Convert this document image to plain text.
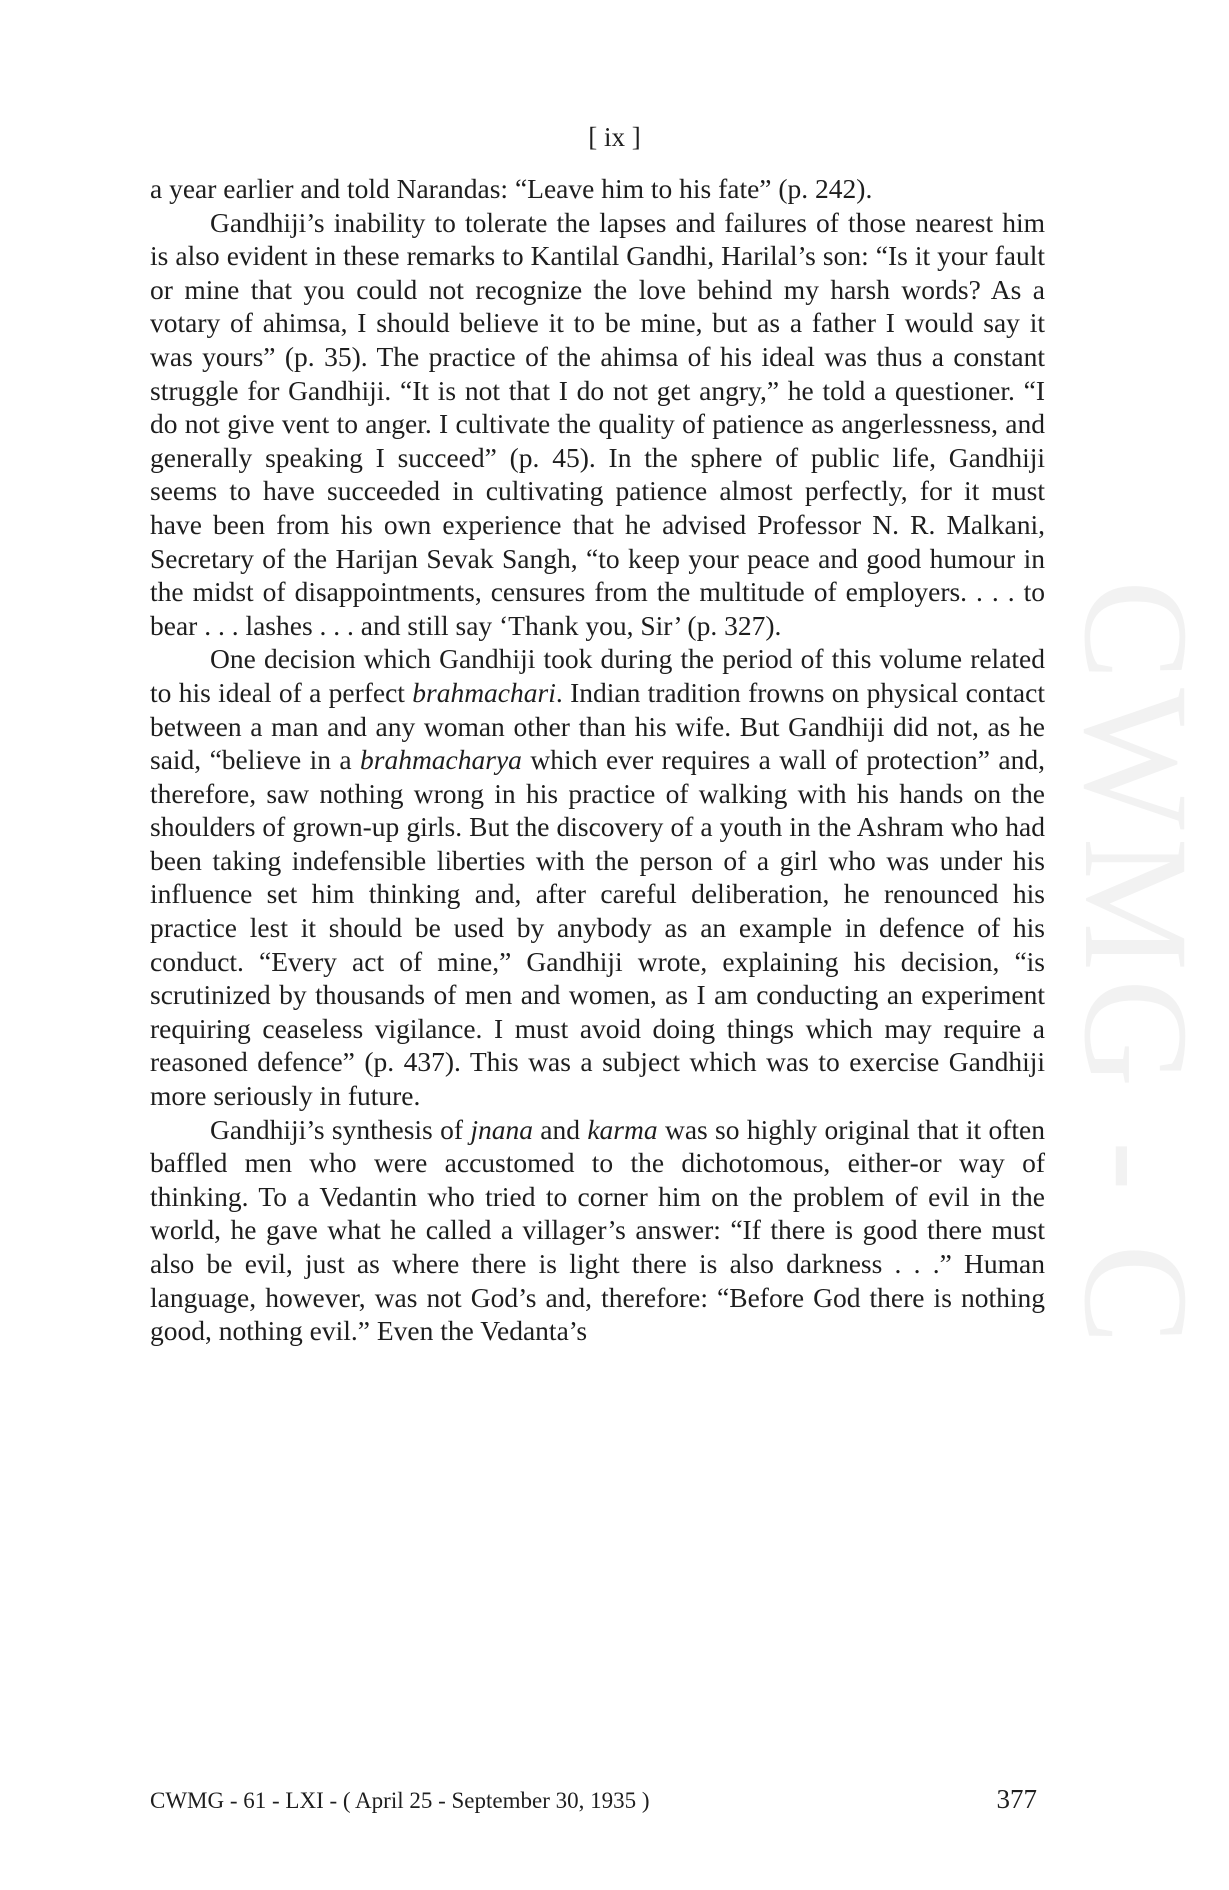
CWMG - C
[ ix ]

a year earlier and told Narandas: “Leave him to his fate” (p. 242).

Gandhiji’s inability to tolerate the lapses and failures of those nearest him is also evident in these remarks to Kantilal Gandhi, Harilal’s son: “Is it your fault or mine that you could not recognize the love behind my harsh words? As a votary of ahimsa, I should believe it to be mine, but as a father I would say it was yours” (p. 35). The practice of the ahimsa of his ideal was thus a constant struggle for Gandhiji. “It is not that I do not get angry,” he told a questioner. “I do not give vent to anger. I cultivate the quality of patience as angerlessness, and generally speaking I succeed” (p. 45). In the sphere of public life, Gandhiji seems to have succeeded in cultivating patience almost perfectly, for it must have been from his own experience that he advised Professor N. R. Malkani, Secretary of the Harijan Sevak Sangh, “to keep your peace and good humour in the midst of disappointments, censures from the multitude of employers. . . . to bear . . . lashes . . . and still say ‘Thank you, Sir’ (p. 327).

One decision which Gandhiji took during the period of this volume related to his ideal of a perfect brahmachari. Indian tradition frowns on physical contact between a man and any woman other than his wife. But Gandhiji did not, as he said, “believe in a brahmacharya which ever requires a wall of protection” and, therefore, saw nothing wrong in his practice of walking with his hands on the shoulders of grown-up girls. But the discovery of a youth in the Ashram who had been taking indefensible liberties with the person of a girl who was under his influence set him thinking and, after careful deliberation, he renounced his practice lest it should be used by anybody as an example in defence of his conduct. “Every act of mine,” Gandhiji wrote, explaining his decision, “is scrutinized by thousands of men and women, as I am conducting an experiment requiring ceaseless vigilance. I must avoid doing things which may require a reasoned defence” (p. 437). This was a subject which was to exercise Gandhiji more seriously in future.

Gandhiji’s synthesis of jnana and karma was so highly original that it often baffled men who were accustomed to the dichotomous, either-or way of thinking. To a Vedantin who tried to corner him on the problem of evil in the world, he gave what he called a villager’s answer: “If there is good there must also be evil, just as where there is light there is also darkness . . .” Human language, however, was not God’s and, therefore: “Before God there is nothing good, nothing evil.” Even the Vedanta’s

CWMG - 61 - LXI - ( April 25 - September 30, 1935 )	377
